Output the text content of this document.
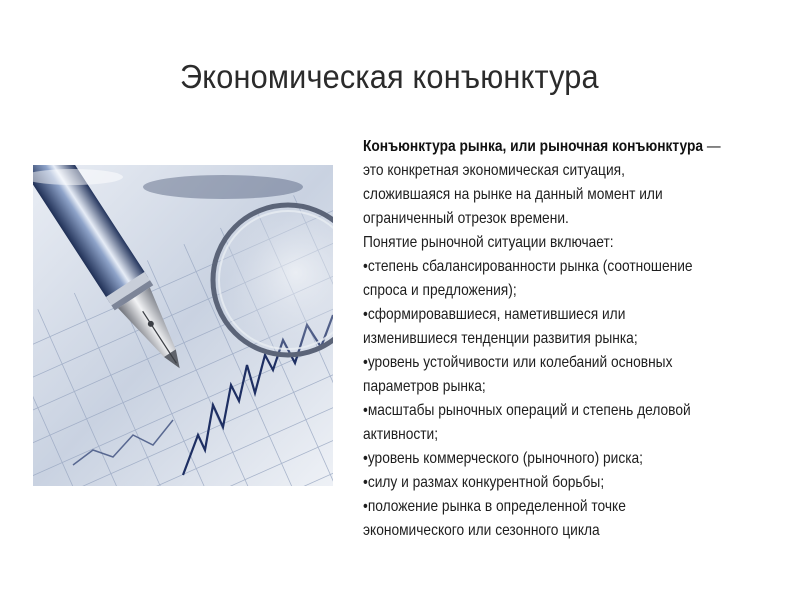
Экономическая конъюнктура
Конъюнктура рынка, или рыночная конъюнктура —
это конкретная экономическая ситуация,
сложившаяся на рынке на данный момент или
ограниченный отрезок времени.
Понятие рыночной ситуации включает:
•степень сбалансированности рынка (соотношение
спроса и предложения);
•сформировавшиеся, наметившиеся или
изменившиеся тенденции развития рынка;
•уровень устойчивости или колебаний основных
параметров рынка;
•масштабы рыночных операций и степень деловой
активности;
•уровень коммерческого (рыночного) риска;
•силу и размах конкурентной борьбы;
•положение рынка в определенной точке
экономического или сезонного цикла
